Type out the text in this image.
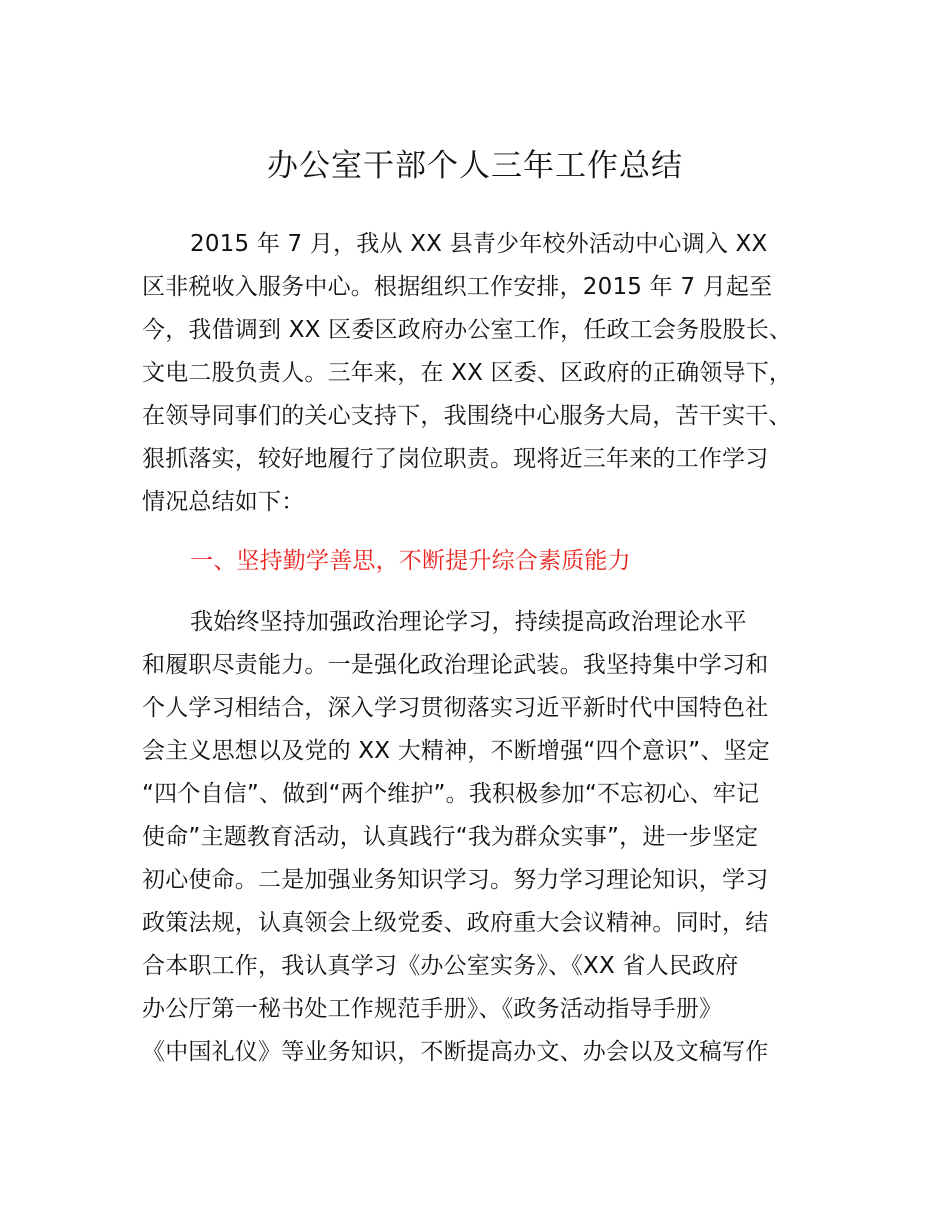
办公室干部个人三年工作总结
2015 年 7 月，我从 XX 县青少年校外活动中心调入 XX
区非税收入服务中心。根据组织工作安排，2015 年 7 月起至
今，我借调到 XX 区委区政府办公室工作，任政工会务股股长、
文电二股负责人。三年来，在 XX 区委、区政府的正确领导下，
在领导同事们的关心支持下，我围绕中心服务大局，苦干实干、
狠抓落实，较好地履行了岗位职责。现将近三年来的工作学习
情况总结如下：
一、坚持勤学善思，不断提升综合素质能力
我始终坚持加强政治理论学习，持续提高政治理论水平
和履职尽责能力。一是强化政治理论武装。我坚持集中学习和
个人学习相结合，深入学习贯彻落实习近平新时代中国特色社
会主义思想以及党的 XX 大精神，不断增强“四个意识”、坚定
“四个自信”、做到“两个维护”。我积极参加“不忘初心、牢记
使命”主题教育活动，认真践行“我为群众实事”，进一步坚定
初心使命。二是加强业务知识学习。努力学习理论知识，学习
政策法规，认真领会上级党委、政府重大会议精神。同时，结
合本职工作，我认真学习《办公室实务》、《XX 省人民政府
办公厅第一秘书处工作规范手册》、《政务活动指导手册》
《中国礼仪》等业务知识，不断提高办文、办会以及文稿写作
